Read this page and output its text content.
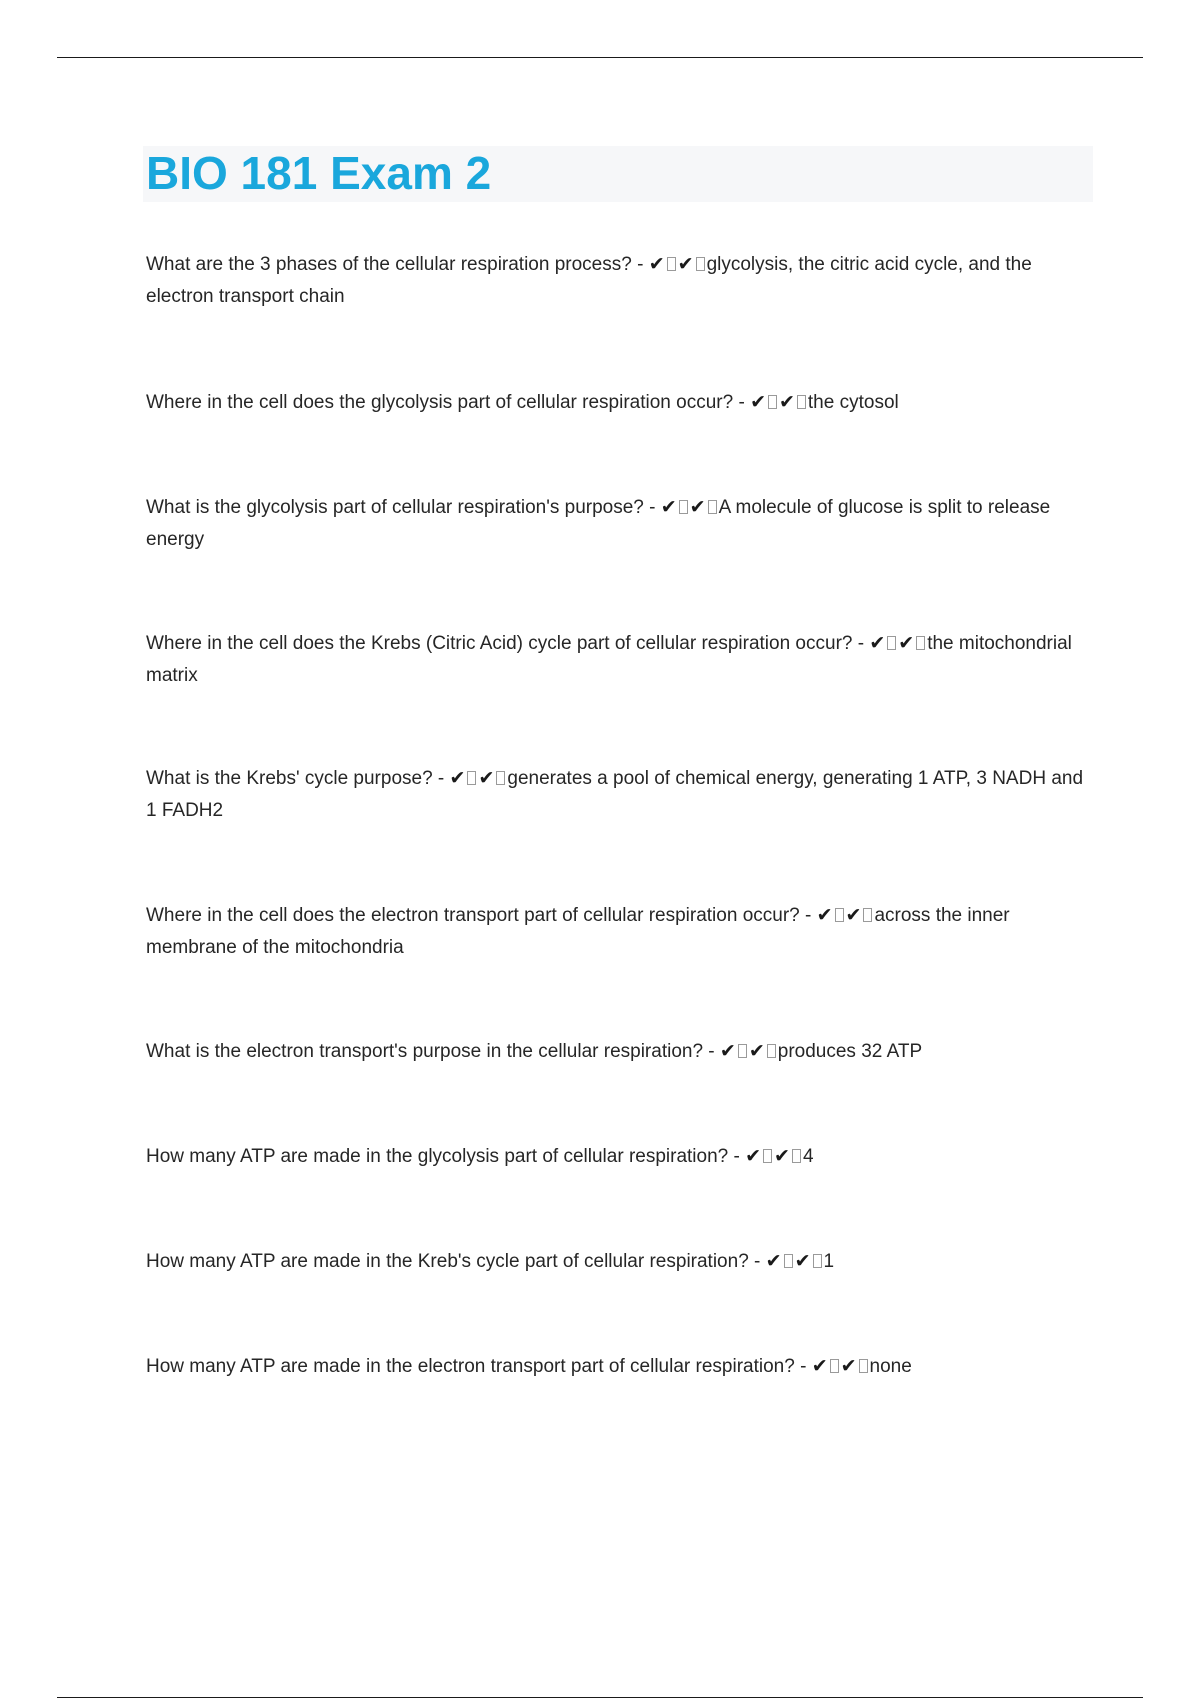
BIO 181 Exam 2

What are the 3 phases of the cellular respiration process? - ✔ ✔ glycolysis, the citric acid cycle, and the electron transport chain

Where in the cell does the glycolysis part of cellular respiration occur? - ✔ ✔ the cytosol

What is the glycolysis part of cellular respiration's purpose? - ✔ ✔ A molecule of glucose is split to release energy

Where in the cell does the Krebs (Citric Acid) cycle part of cellular respiration occur? - ✔ ✔ the mitochondrial matrix

What is the Krebs' cycle purpose? - ✔ ✔ generates a pool of chemical energy, generating 1 ATP, 3 NADH and 1 FADH2

Where in the cell does the electron transport part of cellular respiration occur? - ✔ ✔ across the inner membrane of the mitochondria

What is the electron transport's purpose in the cellular respiration? - ✔ ✔ produces 32 ATP

How many ATP are made in the glycolysis part of cellular respiration? - ✔ ✔ 4

How many ATP are made in the Kreb's cycle part of cellular respiration? - ✔ ✔ 1

How many ATP are made in the electron transport part of cellular respiration? - ✔ ✔ none
